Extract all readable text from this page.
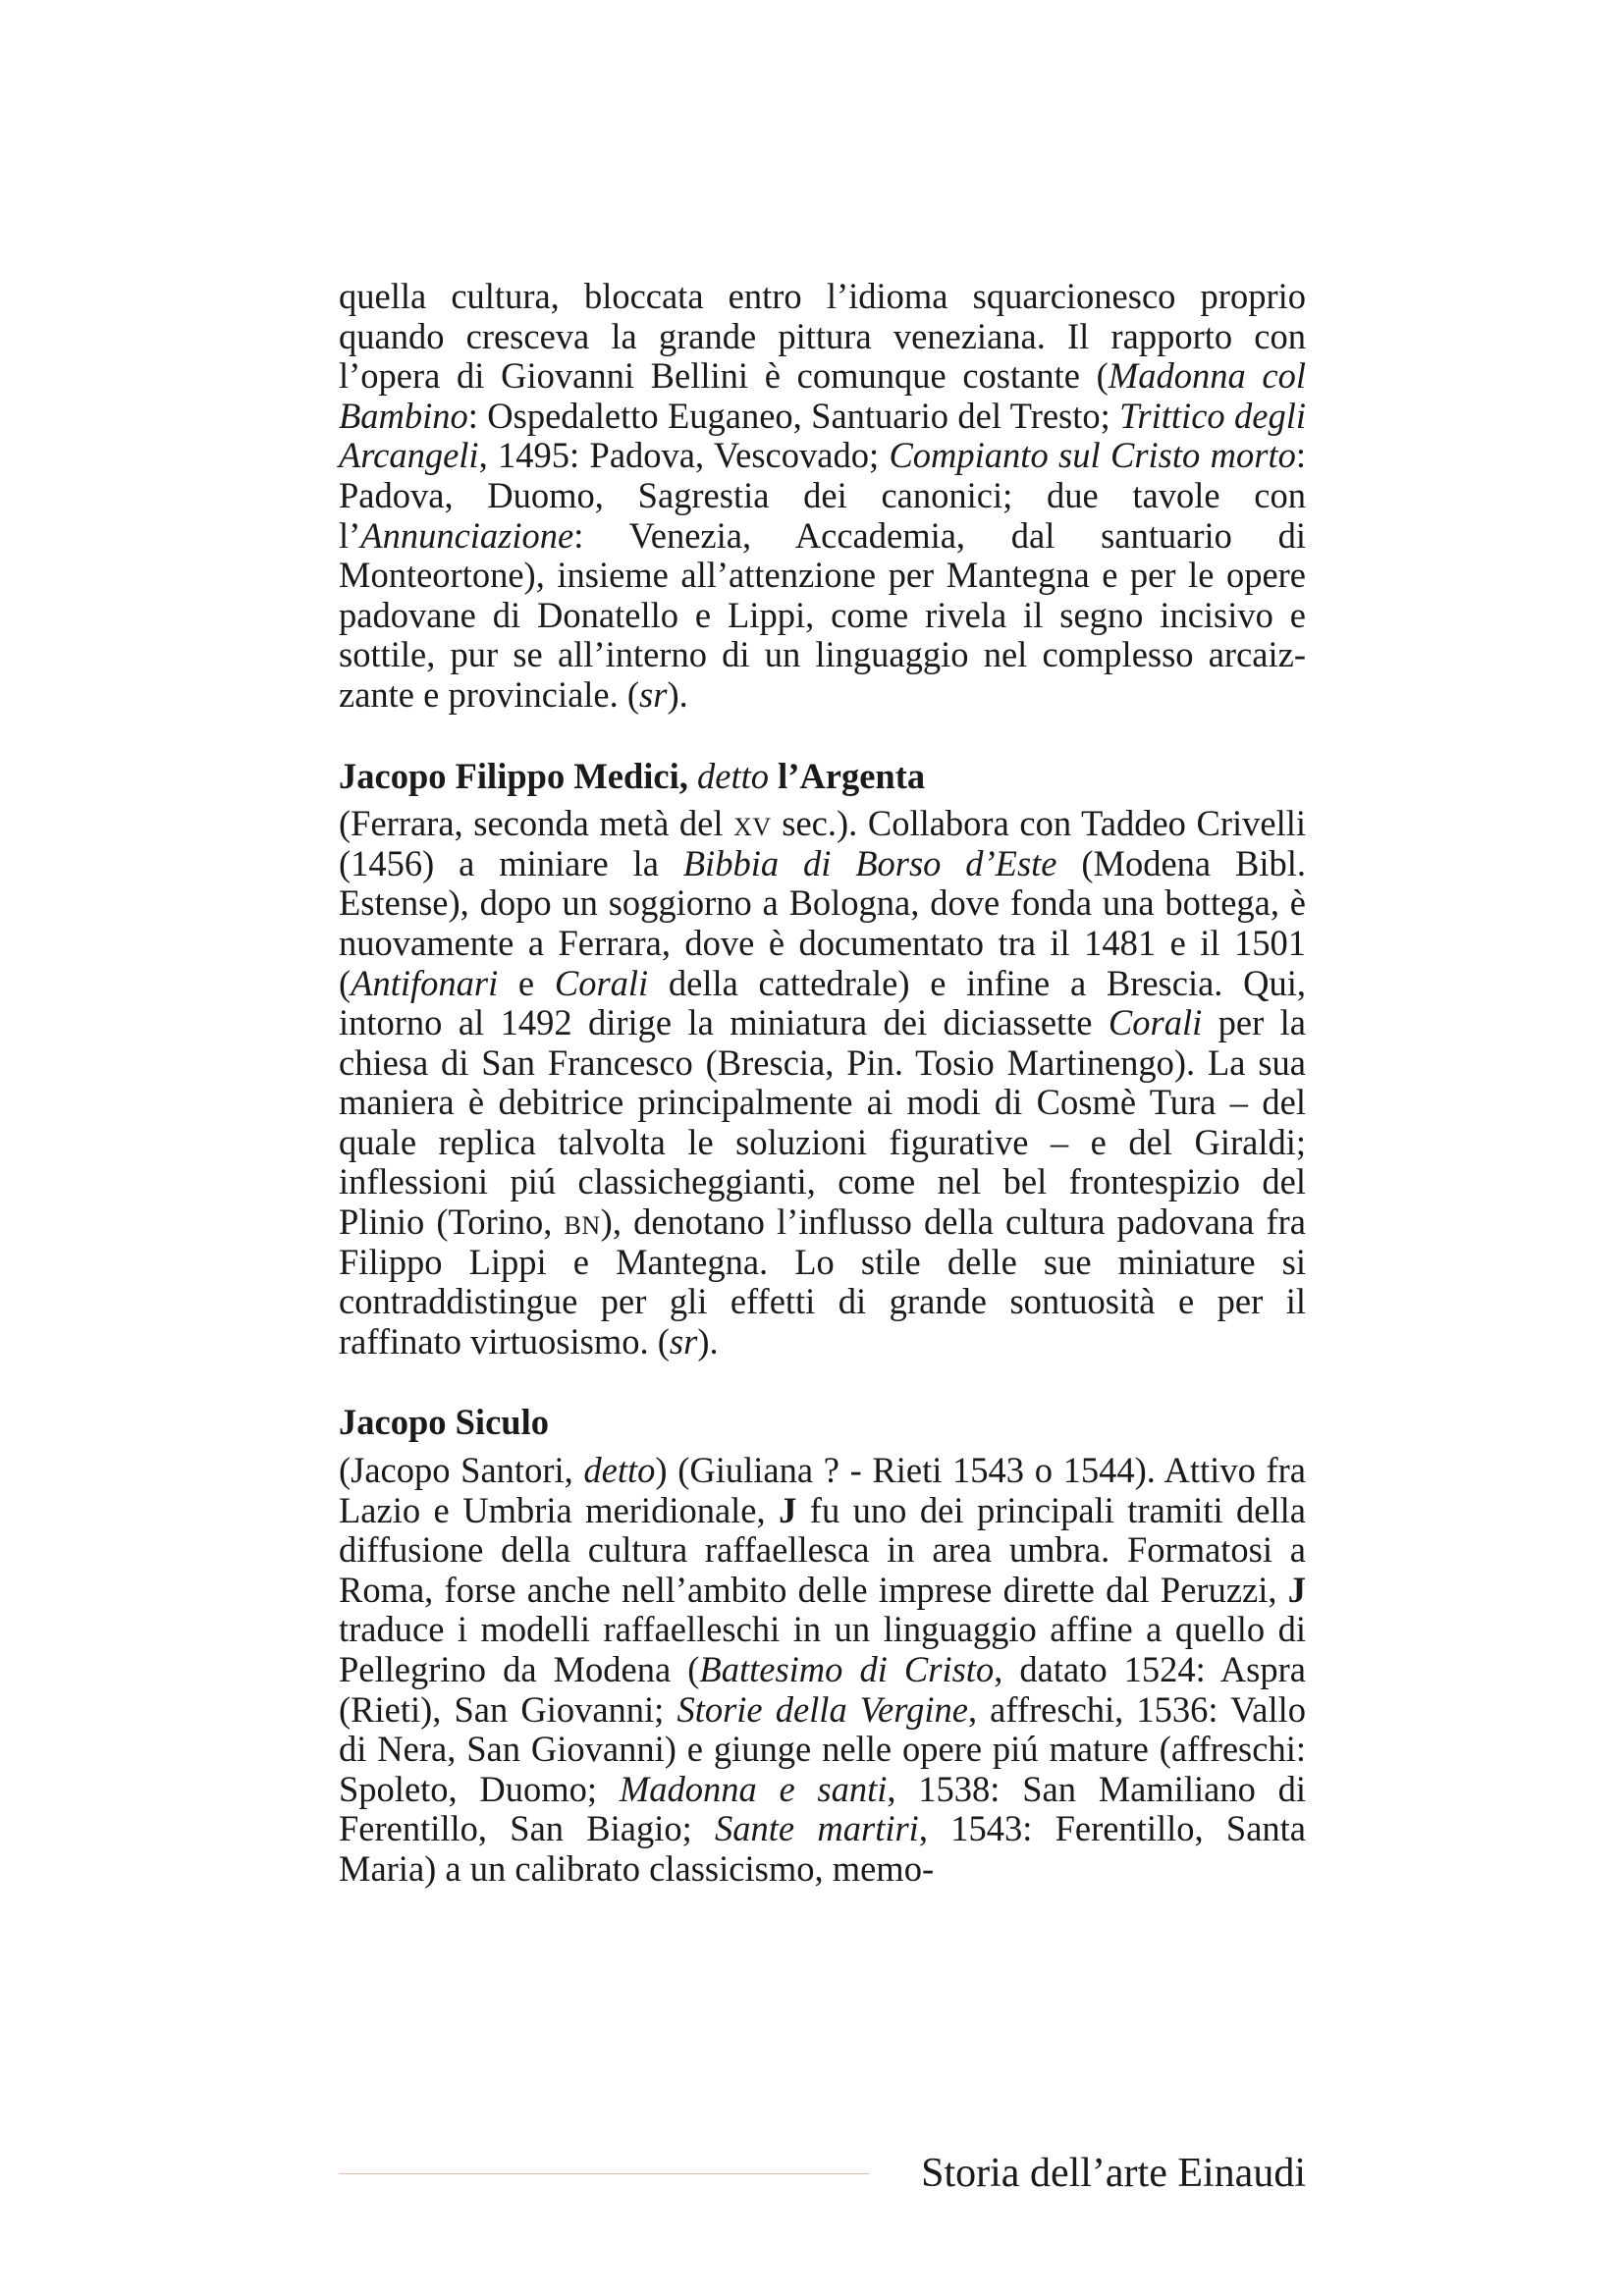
quella cultura, bloccata entro l’idioma squarcionesco proprio quando cresceva la grande pittura veneziana. Il rapporto con l’opera di Giovanni Bellini è comunque costante (Madonna col Bambino: Ospedaletto Euganeo, Santuario del Tresto; Trittico degli Arcangeli, 1495: Padova, Vescovado; Compianto sul Cristo morto: Padova, Duomo, Sagrestia dei canonici; due tavole con l’Annunciazione: Venezia, Accademia, dal santuario di Monteortone), insieme all’attenzione per Mantegna e per le opere padovane di Donatello e Lippi, come rivela il segno incisivo e sottile, pur se all’interno di un linguaggio nel complesso arcaizzante e provinciale. (sr).

Jacopo Filippo Medici, detto l’Argenta

(Ferrara, seconda metà del xv sec.). Collabora con Taddeo Crivelli (1456) a miniare la Bibbia di Borso d’Este (Modena Bibl. Estense), dopo un soggiorno a Bologna, dove fonda una bottega, è nuovamente a Ferrara, dove è documentato tra il 1481 e il 1501 (Antifonari e Corali della cattedrale) e infine a Brescia. Qui, intorno al 1492 dirige la miniatura dei diciassette Corali per la chiesa di San Francesco (Brescia, Pin. Tosio Martinengo). La sua maniera è debitrice principalmente ai modi di Cosmè Tura – del quale replica talvolta le soluzioni figurative – e del Giraldi; inflessioni piú classicheggianti, come nel bel frontespizio del Plinio (Torino, bn), denotano l’influsso della cultura padovana fra Filippo Lippi e Mantegna. Lo stile delle sue miniature si contraddistingue per gli effetti di grande sontuosità e per il raffinato virtuosismo. (sr).

Jacopo Siculo

(Jacopo Santori, detto) (Giuliana ? - Rieti 1543 o 1544). Attivo fra Lazio e Umbria meridionale, J fu uno dei principali tramiti della diffusione della cultura raffaellesca in area umbra. Formatosi a Roma, forse anche nell’ambito delle imprese dirette dal Peruzzi, J traduce i modelli raffaelleschi in un linguaggio affine a quello di Pellegrino da Modena (Battesimo di Cristo, datato 1524: Aspra (Rieti), San Giovanni; Storie della Vergine, affreschi, 1536: Vallo di Nera, San Giovanni) e giunge nelle opere piú mature (affreschi: Spoleto, Duomo; Madonna e santi, 1538: San Mamiliano di Ferentillo, San Biagio; Sante martiri, 1543: Ferentillo, Santa Maria) a un calibrato classicismo, memo-

Storia dell’arte Einaudi
